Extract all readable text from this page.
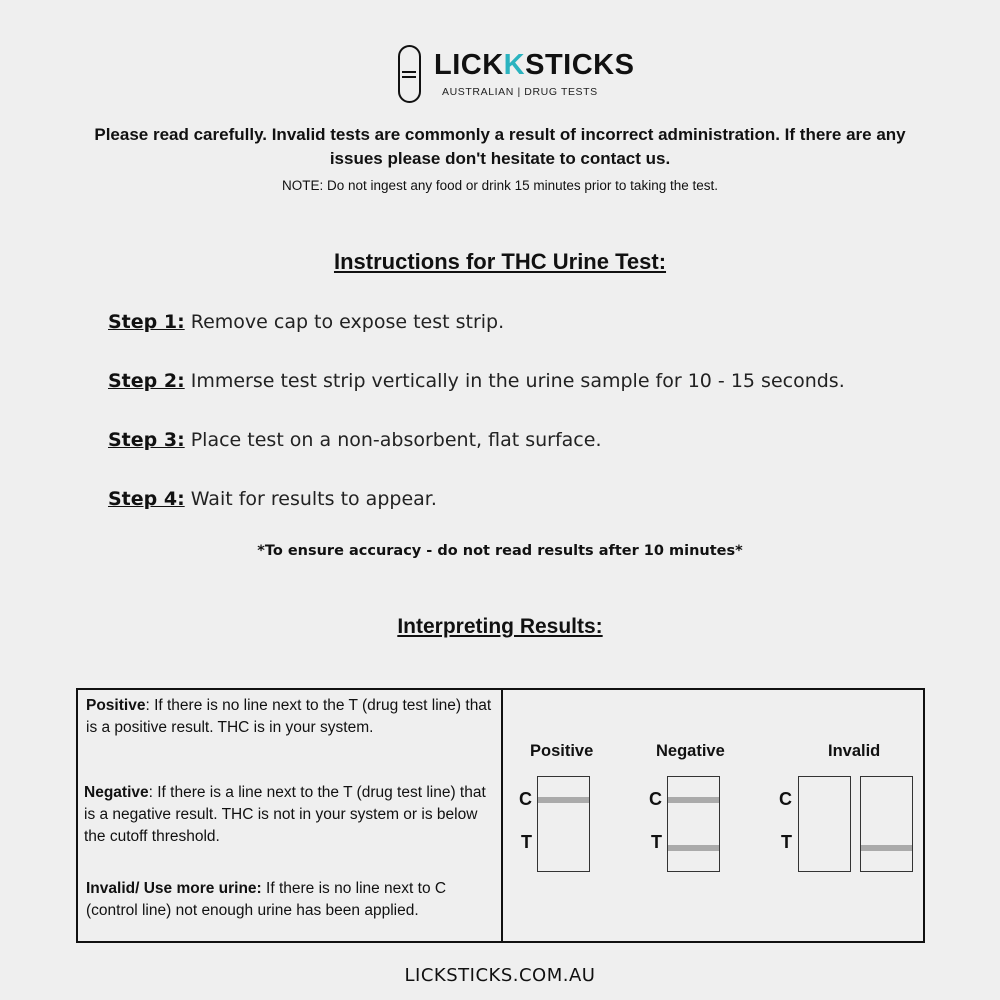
LICKKSTICKS
AUSTRALIAN | DRUG TESTS
Please read carefully. Invalid tests are commonly a result of incorrect administration. If there are any issues please don't hesitate to contact us.
NOTE: Do not ingest any food or drink 15 minutes prior to taking the test.
Instructions for THC Urine Test:
Step 1: Remove cap to expose test strip.
Step 2: Immerse test strip vertically in the urine sample for 10 - 15 seconds.
Step 3: Place test on a non-absorbent, flat surface.
Step 4: Wait for results to appear.
*To ensure accuracy - do not read results after 10 minutes*
Interpreting Results:
Positive: If there is no line next to the T (drug test line) that is a positive result. THC is in your system.
Negative: If there is a line next to the T (drug test line) that is a negative result. THC is not in your system or is below the cutoff threshold.
Invalid/ Use more urine: If there is no line next to C (control line) not enough urine has been applied.
Positive	Negative	Invalid
C
T
C
T
C
T
LICKSTICKS.COM.AU
